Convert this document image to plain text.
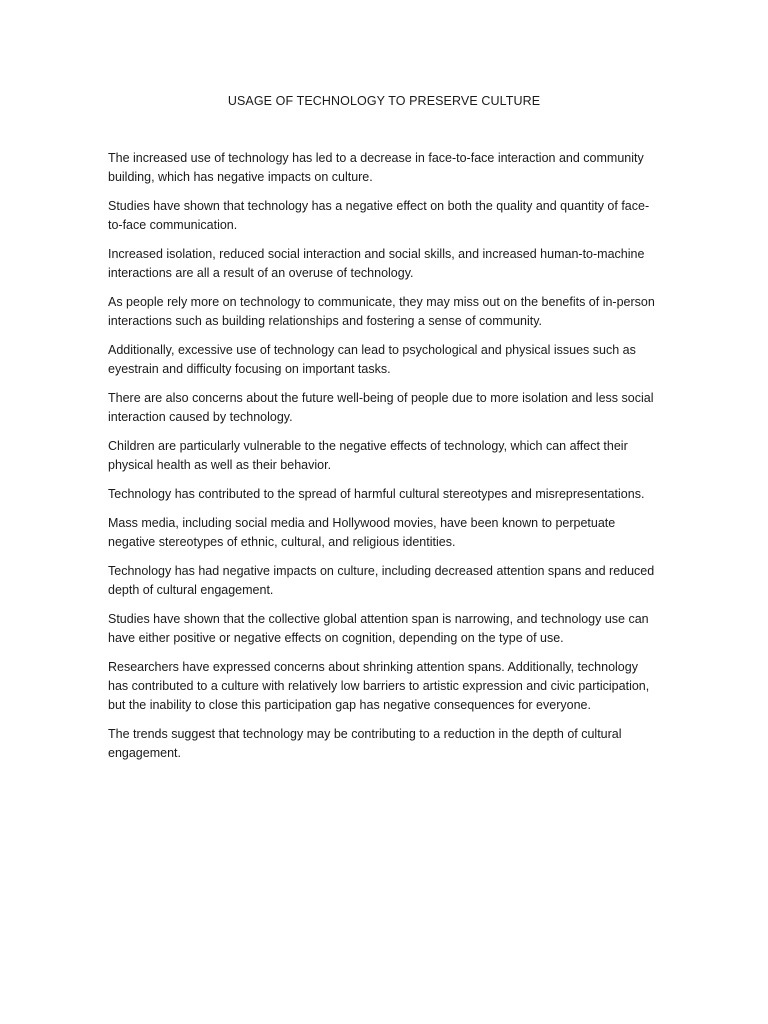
USAGE OF TECHNOLOGY TO PRESERVE CULTURE

The increased use of technology has led to a decrease in face-to-face interaction and community building, which has negative impacts on culture.

Studies have shown that technology has a negative effect on both the quality and quantity of face-to-face communication.

Increased isolation, reduced social interaction and social skills, and increased human-to-machine interactions are all a result of an overuse of technology.

As people rely more on technology to communicate, they may miss out on the benefits of in-person interactions such as building relationships and fostering a sense of community.

Additionally, excessive use of technology can lead to psychological and physical issues such as eyestrain and difficulty focusing on important tasks.

There are also concerns about the future well-being of people due to more isolation and less social interaction caused by technology.

Children are particularly vulnerable to the negative effects of technology, which can affect their physical health as well as their behavior.

Technology has contributed to the spread of harmful cultural stereotypes and misrepresentations.

Mass media, including social media and Hollywood movies, have been known to perpetuate negative stereotypes of ethnic, cultural, and religious identities.

Technology has had negative impacts on culture, including decreased attention spans and reduced depth of cultural engagement.

Studies have shown that the collective global attention span is narrowing, and technology use can have either positive or negative effects on cognition, depending on the type of use.

Researchers have expressed concerns about shrinking attention spans. Additionally, technology has contributed to a culture with relatively low barriers to artistic expression and civic participation, but the inability to close this participation gap has negative consequences for everyone.

The trends suggest that technology may be contributing to a reduction in the depth of cultural engagement.
